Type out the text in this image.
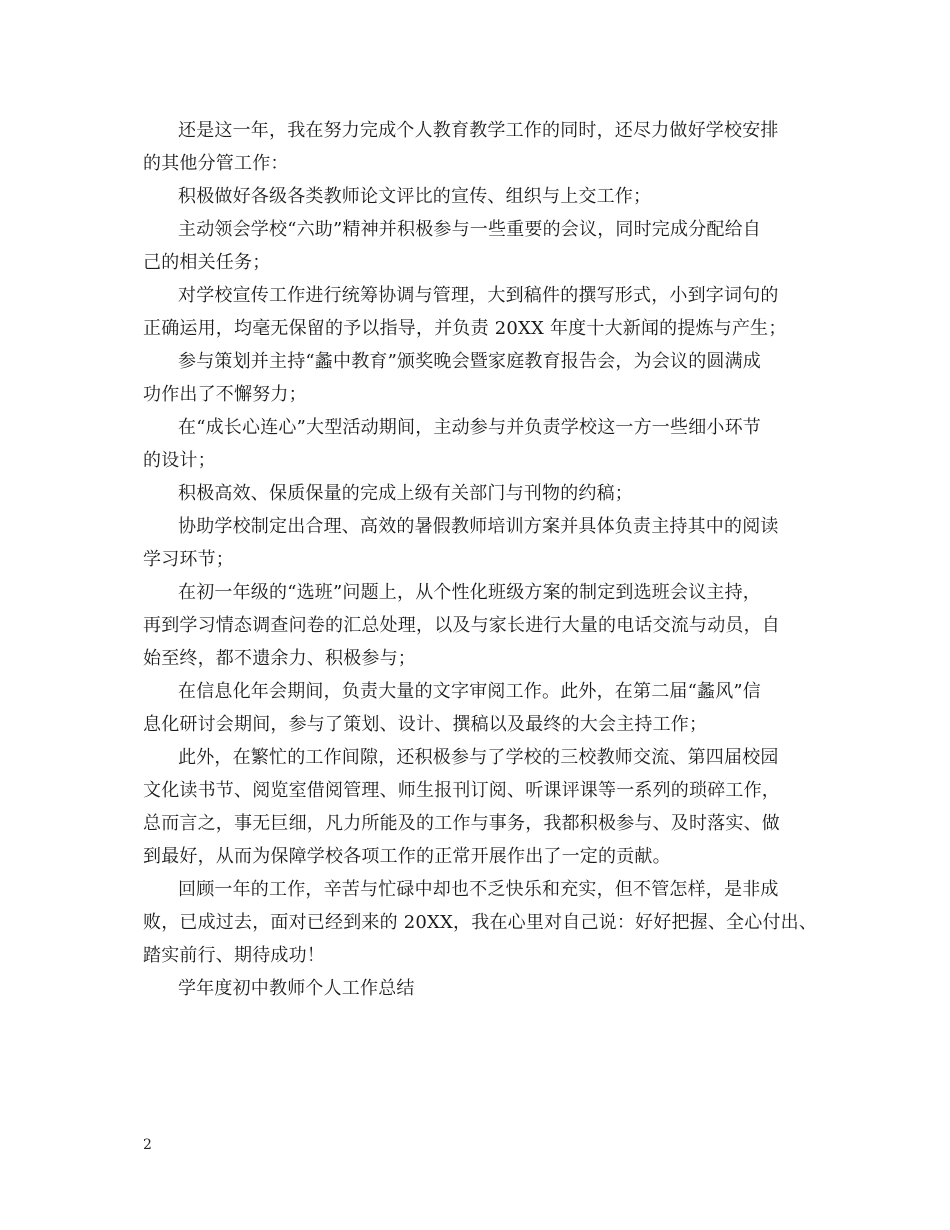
还是这一年，我在努力完成个人教育教学工作的同时，还尽力做好学校安排
的其他分管工作：
积极做好各级各类教师论文评比的宣传、组织与上交工作；
主动领会学校“六助”精神并积极参与一些重要的会议，同时完成分配给自
己的相关任务；
对学校宣传工作进行统筹协调与管理，大到稿件的撰写形式，小到字词句的
正确运用，均毫无保留的予以指导，并负责 20XX 年度十大新闻的提炼与产生；
参与策划并主持“蠡中教育”颁奖晚会暨家庭教育报告会，为会议的圆满成
功作出了不懈努力；
在“成长心连心”大型活动期间，主动参与并负责学校这一方一些细小环节
的设计；
积极高效、保质保量的完成上级有关部门与刊物的约稿；
协助学校制定出合理、高效的暑假教师培训方案并具体负责主持其中的阅读
学习环节；
在初一年级的“选班”问题上，从个性化班级方案的制定到选班会议主持，
再到学习情态调查问卷的汇总处理，以及与家长进行大量的电话交流与动员，自
始至终，都不遗余力、积极参与；
在信息化年会期间，负责大量的文字审阅工作。此外，在第二届“蠡风”信
息化研讨会期间，参与了策划、设计、撰稿以及最终的大会主持工作；
此外，在繁忙的工作间隙，还积极参与了学校的三校教师交流、第四届校园
文化读书节、阅览室借阅管理、师生报刊订阅、听课评课等一系列的琐碎工作，
总而言之，事无巨细，凡力所能及的工作与事务，我都积极参与、及时落实、做
到最好，从而为保障学校各项工作的正常开展作出了一定的贡献。
回顾一年的工作，辛苦与忙碌中却也不乏快乐和充实，但不管怎样，是非成
败，已成过去，面对已经到来的 20XX，我在心里对自己说：好好把握、全心付出、
踏实前行、期待成功！
学年度初中教师个人工作总结
2
